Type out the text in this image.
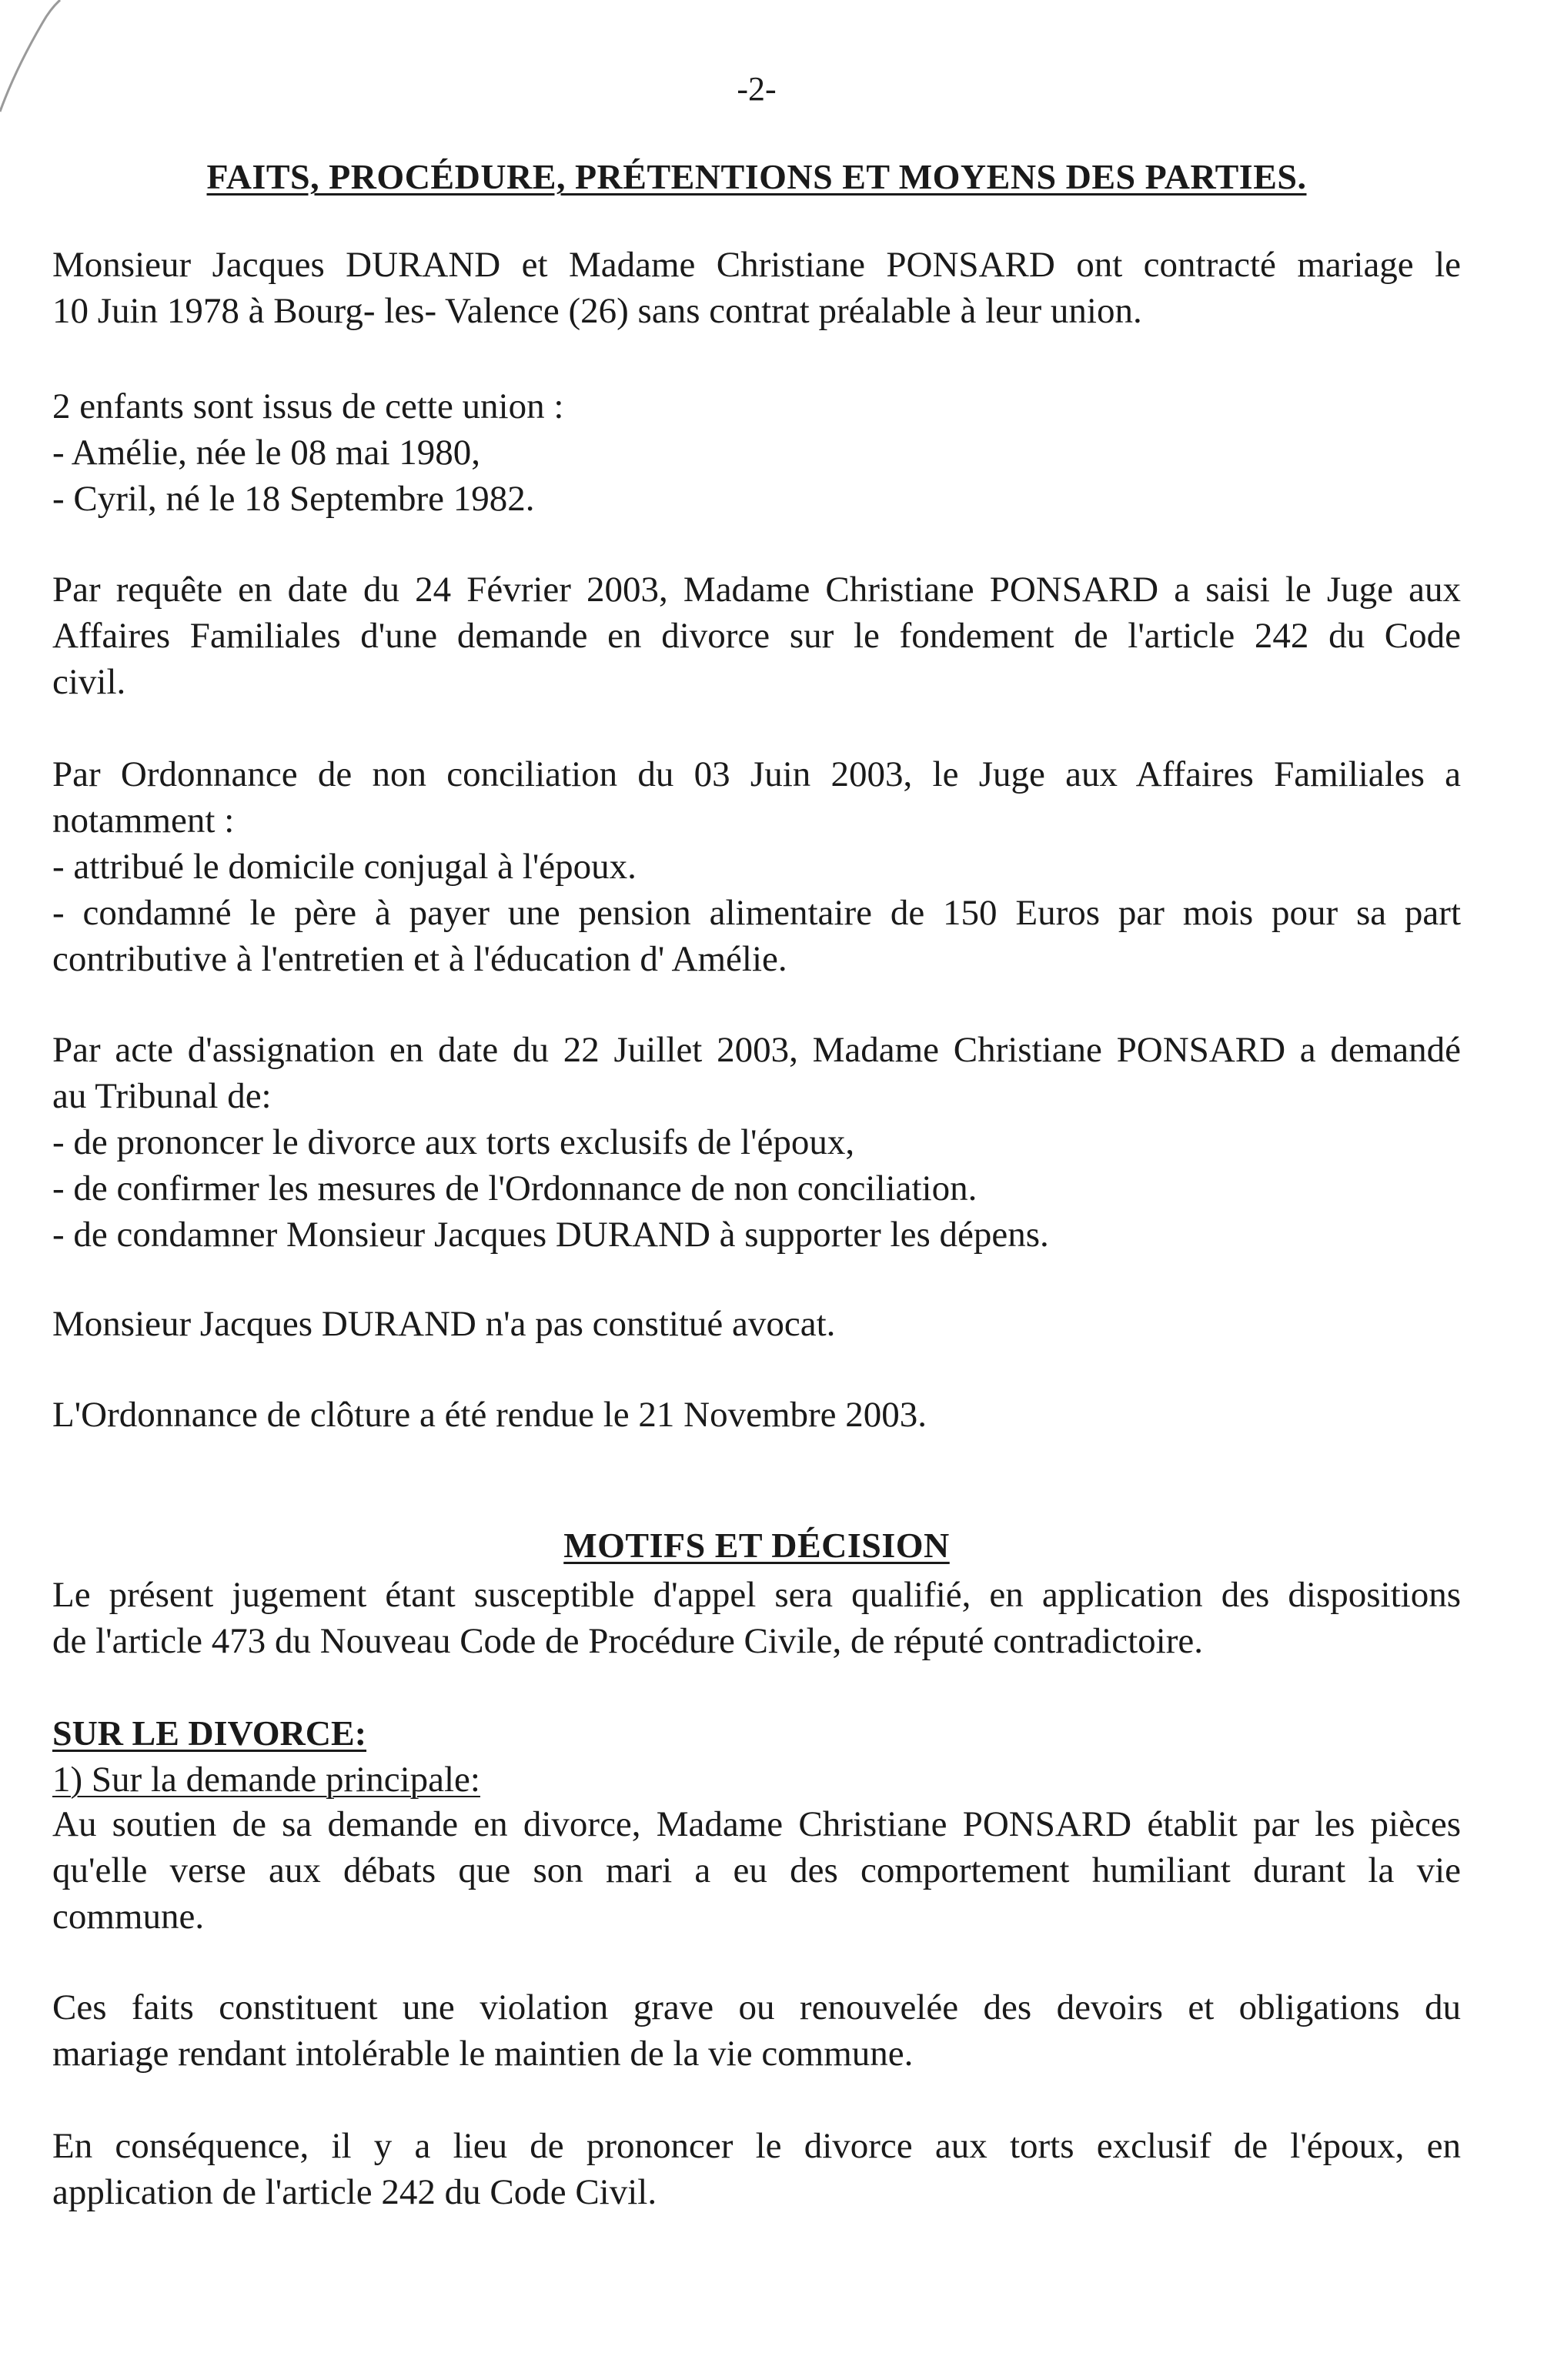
-2-
FAITS, PROCÉDURE, PRÉTENTIONS ET MOYENS DES PARTIES.
Monsieur Jacques DURAND et Madame Christiane PONSARD ont contracté mariage le
10 Juin 1978 à Bourg- les- Valence (26) sans contrat préalable à leur union.
2 enfants sont issus de cette union :
- Amélie, née le 08 mai 1980,
- Cyril, né le 18 Septembre 1982.
Par requête en date du 24 Février 2003, Madame Christiane PONSARD a saisi le Juge aux
Affaires Familiales d'une demande en divorce sur le fondement de l'article 242 du Code
civil.
Par Ordonnance de non conciliation du 03 Juin 2003, le Juge aux Affaires Familiales a
notamment :
- attribué le domicile conjugal à l'époux.
- condamné le père à payer une pension alimentaire de 150 Euros par mois pour sa part
contributive à l'entretien et à l'éducation d' Amélie.
Par acte d'assignation en date du 22 Juillet 2003, Madame Christiane PONSARD a demandé
au Tribunal de:
- de prononcer le divorce aux torts exclusifs de l'époux,
- de confirmer les mesures de l'Ordonnance de non conciliation.
- de condamner Monsieur Jacques DURAND à supporter les dépens.
Monsieur Jacques DURAND n'a pas constitué avocat.
L'Ordonnance de clôture a été rendue le 21 Novembre 2003.
MOTIFS ET DÉCISION
Le présent jugement étant susceptible d'appel sera qualifié, en application des dispositions
de l'article 473 du Nouveau Code de Procédure Civile, de réputé contradictoire.
SUR LE DIVORCE:
1) Sur la demande principale:
Au soutien de sa demande en divorce, Madame Christiane PONSARD établit par les pièces
qu'elle verse aux débats que son mari a eu des comportement humiliant durant la vie
commune.
Ces faits constituent une violation grave ou renouvelée des devoirs et obligations du
mariage rendant intolérable le maintien de la vie commune.
En conséquence, il y a lieu de prononcer le divorce aux torts exclusif de l'époux, en
application de l'article 242 du Code Civil.
